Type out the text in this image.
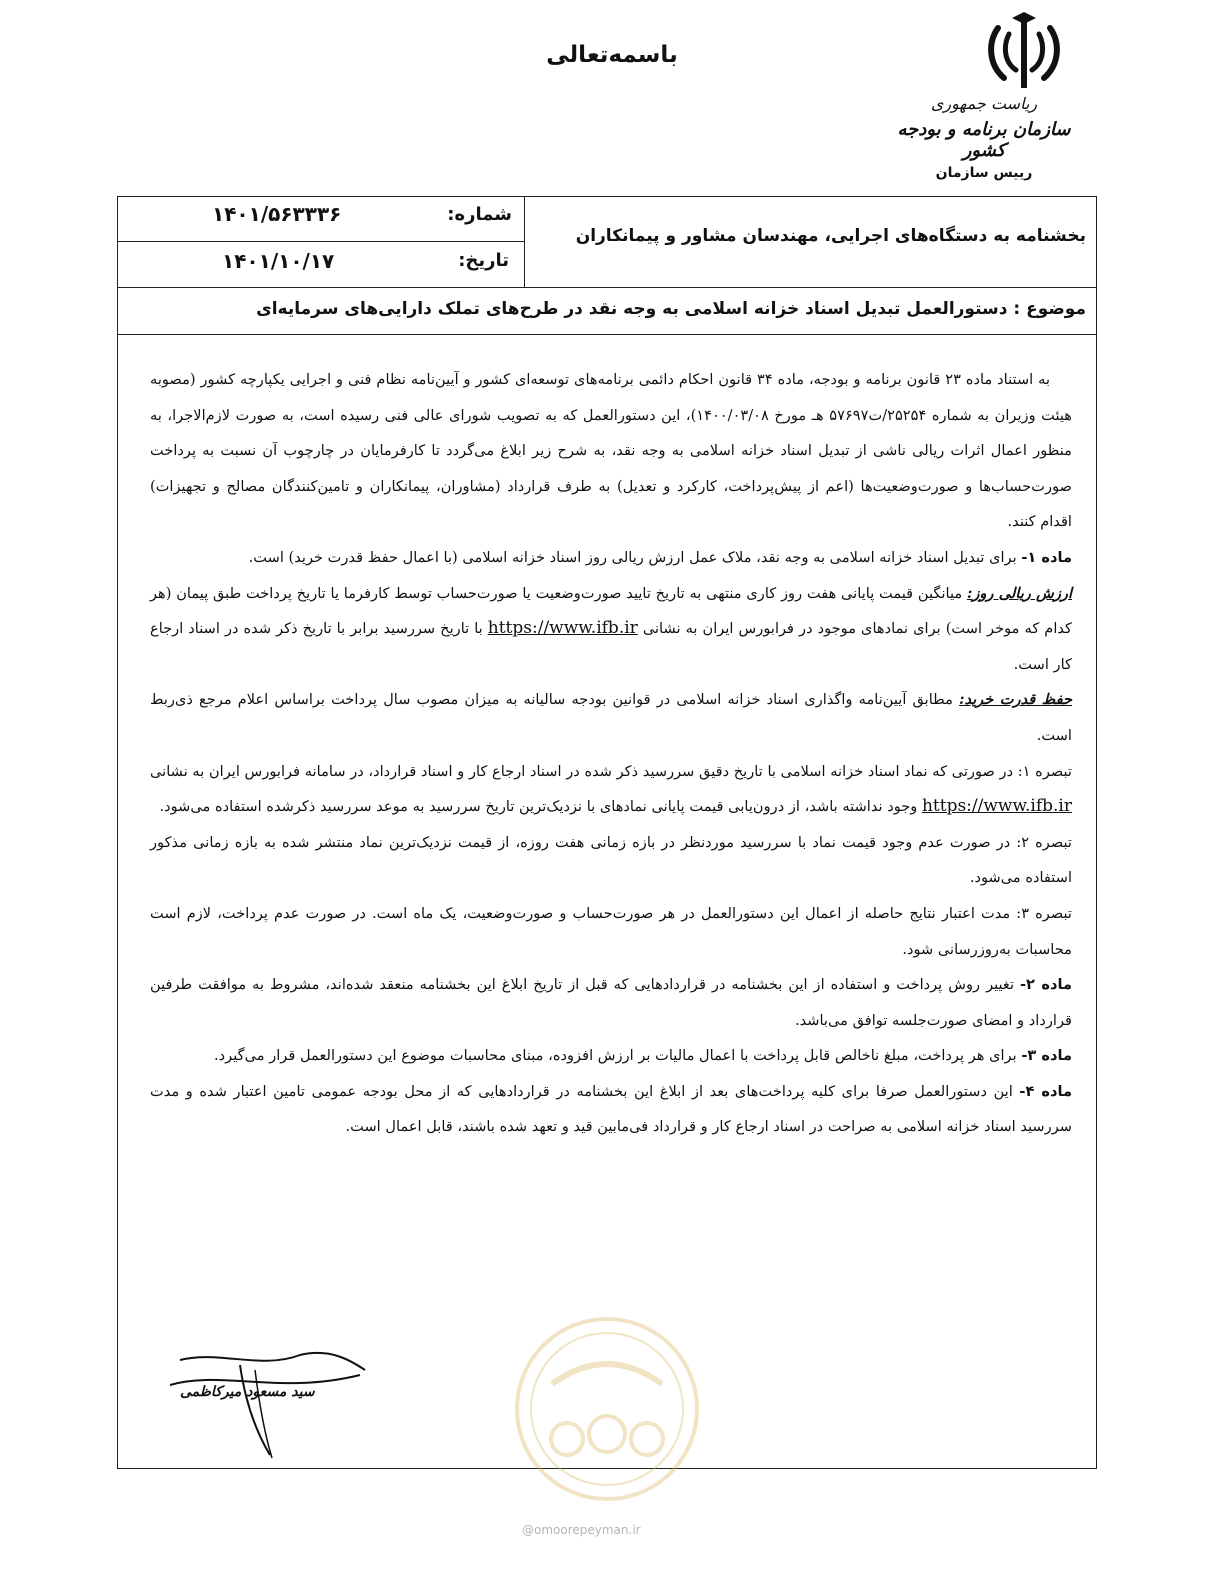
باسمه‌تعالی
ریاست جمهوری
سازمان برنامه و بودجه کشور
رییس سازمان
بخشنامه به دستگاه‌های اجرایی، مهندسان مشاور و پیمانکاران
شماره:
۱۴۰۱/۵۶۳۳۳۶
تاریخ:
۱۴۰۱/۱۰/۱۷
موضوع : دستورالعمل تبدیل اسناد خزانه اسلامی به وجه نقد در طرح‌های تملک دارایی‌های سرمایه‌ای

به استناد ماده ۲۳ قانون برنامه و بودجه، ماده ۳۴ قانون احکام دائمی برنامه‌های توسعه‌ای کشور و آیین‌نامه نظام فنی و اجرایی یکپارچه کشور (مصوبه هیئت وزیران به شماره ۲۵۲۵۴/ت۵۷۶۹۷ هـ مورخ ۱۴۰۰/۰۳/۰۸)، این دستورالعمل که به تصویب شورای عالی فنی رسیده است، به صورت لازم‌الاجرا، به منظور اعمال اثرات ریالی ناشی از تبدیل اسناد خزانه اسلامی به وجه نقد، به شرح زیر ابلاغ می‌گردد تا کارفرمایان در چارچوب آن نسبت به پرداخت صورت‌حساب‌ها و صورت‌وضعیت‌ها (اعم از پیش‌پرداخت، کارکرد و تعدیل) به طرف قرارداد (مشاوران، پیمانکاران و تامین‌کنندگان مصالح و تجهیزات) اقدام کنند.

ماده ۱- برای تبدیل اسناد خزانه اسلامی به وجه نقد، ملاک عمل ارزش ریالی روز اسناد خزانه اسلامی (با اعمال حفظ قدرت خرید) است.

ارزش ریالی روز: میانگین قیمت پایانی هفت روز کاری منتهی به تاریخ تایید صورت‌وضعیت یا صورت‌حساب توسط کارفرما یا تاریخ پرداخت طبق پیمان (هر کدام که موخر است) برای نمادهای موجود در فرابورس ایران به نشانی https://www.ifb.ir با تاریخ سررسید برابر با تاریخ ذکر شده در اسناد ارجاع کار است.

حفظ قدرت خرید: مطابق آیین‌نامه واگذاری اسناد خزانه اسلامی در قوانین بودجه سالیانه به میزان مصوب سال پرداخت براساس اعلام مرجع ذی‌ربط است.

تبصره ۱: در صورتی که نماد اسناد خزانه اسلامی با تاریخ دقیق سررسید ذکر شده در اسناد ارجاع کار و اسناد قرارداد، در سامانه فرابورس ایران به نشانی https://www.ifb.ir وجود نداشته باشد، از درون‌یابی قیمت پایانی نمادهای با نزدیک‌ترین تاریخ سررسید به موعد سررسید ذکرشده استفاده می‌شود.

تبصره ۲: در صورت عدم وجود قیمت نماد با سررسید موردنظر در بازه زمانی هفت روزه، از قیمت نزدیک‌ترین نماد منتشر شده به بازه زمانی مذکور استفاده می‌شود.

تبصره ۳: مدت اعتبار نتایج حاصله از اعمال این دستورالعمل در هر صورت‌حساب و صورت‌وضعیت، یک ماه است. در صورت عدم پرداخت، لازم است محاسبات به‌روزرسانی شود.

ماده ۲- تغییر روش پرداخت و استفاده از این بخشنامه در قراردادهایی که قبل از تاریخ ابلاغ این بخشنامه منعقد شده‌اند، مشروط به موافقت طرفین قرارداد و امضای صورت‌جلسه توافق می‌باشد.

ماده ۳- برای هر پرداخت، مبلغ ناخالص قابل پرداخت با اعمال مالیات بر ارزش افزوده، مبنای محاسبات موضوع این دستورالعمل قرار می‌گیرد.

ماده ۴- این دستورالعمل صرفا برای کلیه پرداخت‌های بعد از ابلاغ این بخشنامه در قراردادهایی که از محل بودجه عمومی تامین اعتبار شده و مدت سررسید اسناد خزانه اسلامی به صراحت در اسناد ارجاع کار و قرارداد فی‌مابین قید و تعهد شده باشند، قابل اعمال است.

@omoorepeyman.ir
سید مسعود میرکاظمی
